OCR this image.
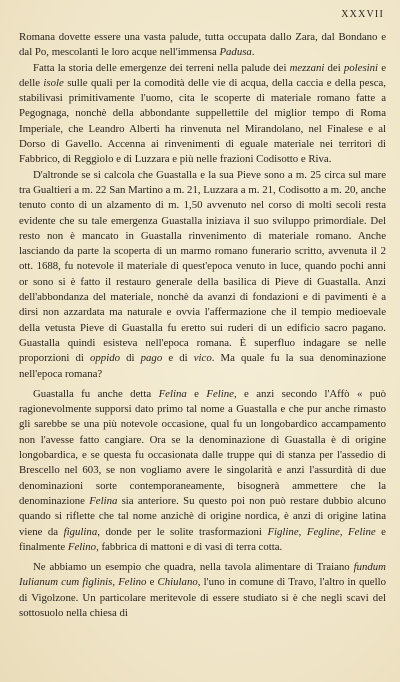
XXXVII

Romana dovette essere una vasta palude, tutta occupata dallo Zara, dal Bondano e dal Po, mescolanti le loro acque nell'immensa Padusa.

Fatta la storia delle emergenze dei terreni nella palude dei mezzani dei polesini e delle isole sulle quali per la comodità delle vie di acqua, della caccia e della pesca, stabilivasi primitivamente l'uomo, cita le scoperte di materiale romano fatte a Pegognaga, nonchè della abbondante suppellettile del miglior tempo di Roma Imperiale, che Leandro Alberti ha rinvenuta nel Mirandolano, nel Finalese e al Dorso di Gavello. Accenna ai rinvenimenti di eguale materiale nei territori di Fabbrico, di Reggiolo e di Luzzara e più nelle frazioni Codisotto e Riva.

D'altronde se si calcola che Guastalla e la sua Pieve sono a m. 25 circa sul mare tra Gualtieri a m. 22 San Martino a m. 21, Luzzara a m. 21, Codisotto a m. 20, anche tenuto conto di un alzamento di m. 1,50 avvenuto nel corso di molti secoli resta evidente che su tale emergenza Guastalla iniziava il suo sviluppo primordiale. Del resto non è mancato in Guastalla rinvenimento di materiale romano. Anche lasciando da parte la scoperta di un marmo romano funerario scritto, avvenuta il 2 ott. 1688, fu notevole il materiale di quest'epoca venuto in luce, quando pochi anni or sono si è fatto il restauro generale della basilica di Pieve di Guastalla. Anzi dell'abbondanza del materiale, nonchè da avanzi di fondazioni e di pavimenti è a dirsi non azzardata ma naturale e ovvia l'affermazione che il tempio medioevale della vetusta Pieve di Guastalla fu eretto sui ruderi di un edificio sacro pagano. Guastalla quindi esisteva nell'epoca romana. È superfluo indagare se nelle proporzioni di oppido di pago e di vico. Ma quale fu la sua denominazione nell'epoca romana?

Guastalla fu anche detta Felina e Feline, e anzi secondo l'Affò « può ragionevolmente supporsi dato primo tal nome a Guastalla e che pur anche rimasto gli sarebbe se una più notevole occasione, qual fu un longobardico accampamento non l'avesse fatto cangiare. Ora se la denominazione di Guastalla è di origine longobardica, e se questa fu occasionata dalle truppe qui di stanza per l'assedio di Brescello nel 603, se non vogliamo avere le singolarità e anzi l'assurdità di due denominazioni sorte contemporaneamente, bisognerà ammettere che la denominazione Felina sia anteriore. Su questo poi non può restare dubbio alcuno quando si riflette che tal nome anzichè di origine nordica, è anzi di origine latina viene da figulina, donde per le solite trasformazioni Figline, Fegline, Feline e finalmente Felino, fabbrica di mattoni e di vasi di terra cotta.

Ne abbiamo un esempio che quadra, nella tavola alimentare di Traiano fundum Iulianum cum figlinis, Felino e Chiulano, l'uno in comune di Travo, l'altro in quello di Vigolzone. Un particolare meritevole di essere studiato si è che negli scavi del sottosuolo nella chiesa di
